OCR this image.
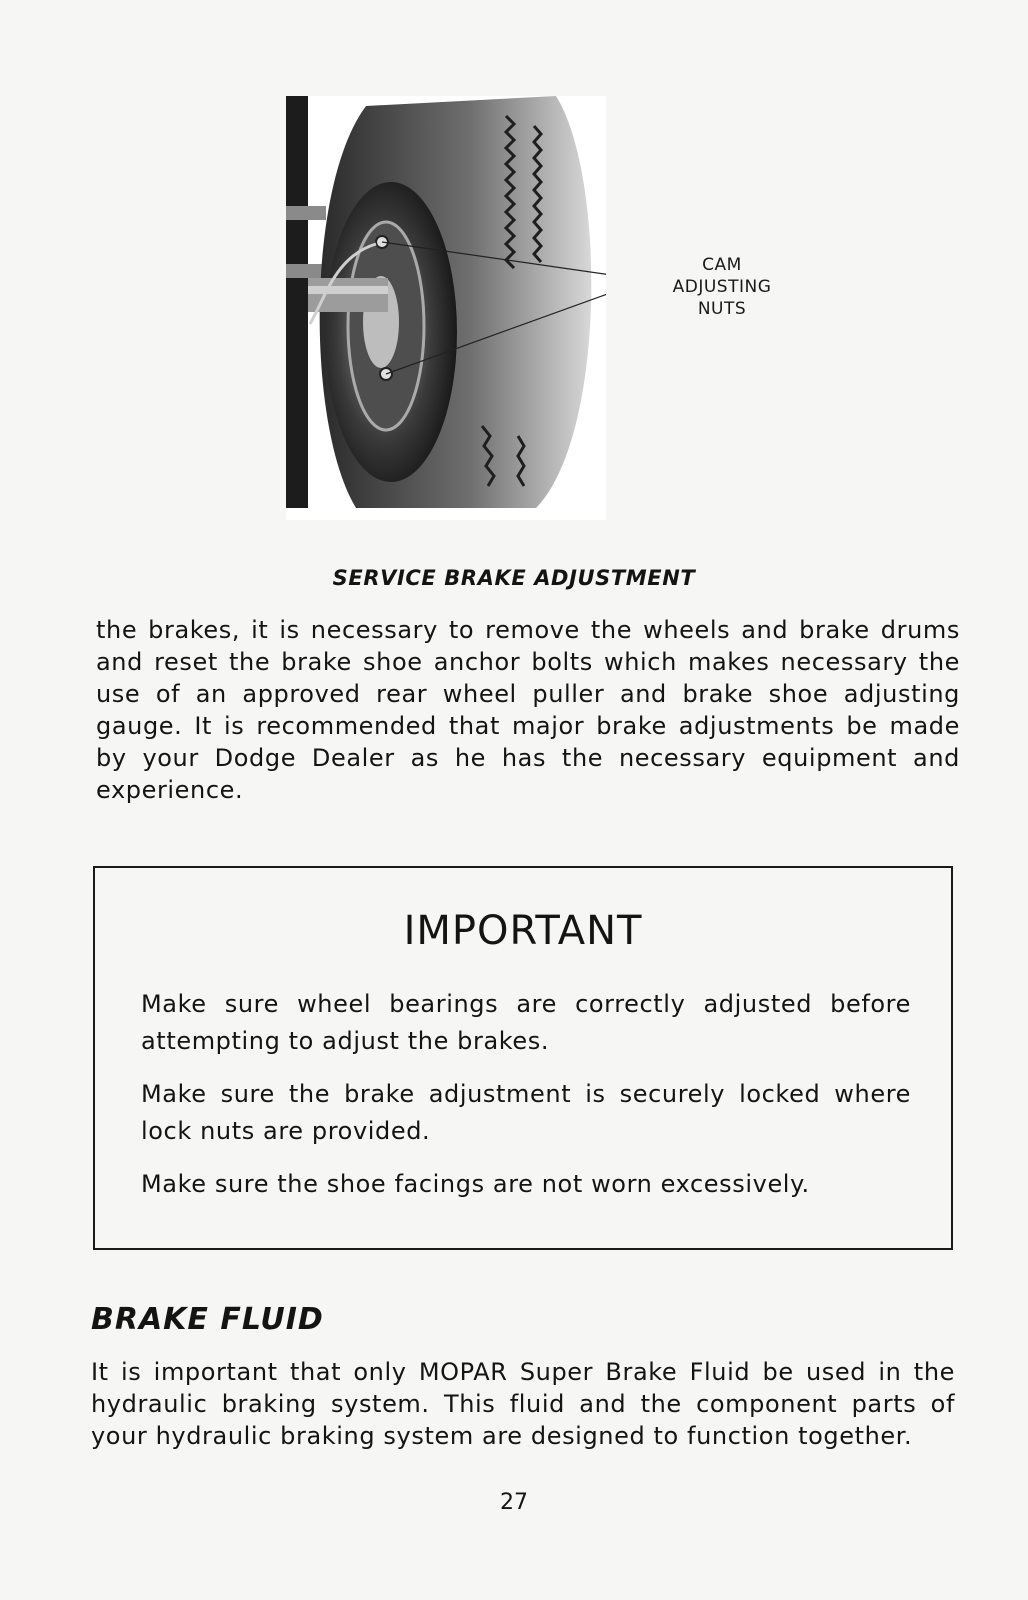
CAM
ADJUSTING
NUTS
SERVICE BRAKE ADJUSTMENT

the brakes, it is necessary to remove the wheels and brake drums and reset the brake shoe anchor bolts which makes necessary the use of an approved rear wheel puller and brake shoe adjusting gauge. It is recommended that major brake adjustments be made by your Dodge Dealer as he has the necessary equipment and experience.

IMPORTANT

Make sure wheel bearings are correctly adjusted before attempting to adjust the brakes.

Make sure the brake adjustment is securely locked where lock nuts are provided.

Make sure the shoe facings are not worn excessively.

BRAKE FLUID

It is important that only MOPAR Super Brake Fluid be used in the hydraulic braking system. This fluid and the component parts of your hydraulic braking system are designed to function together.

27
